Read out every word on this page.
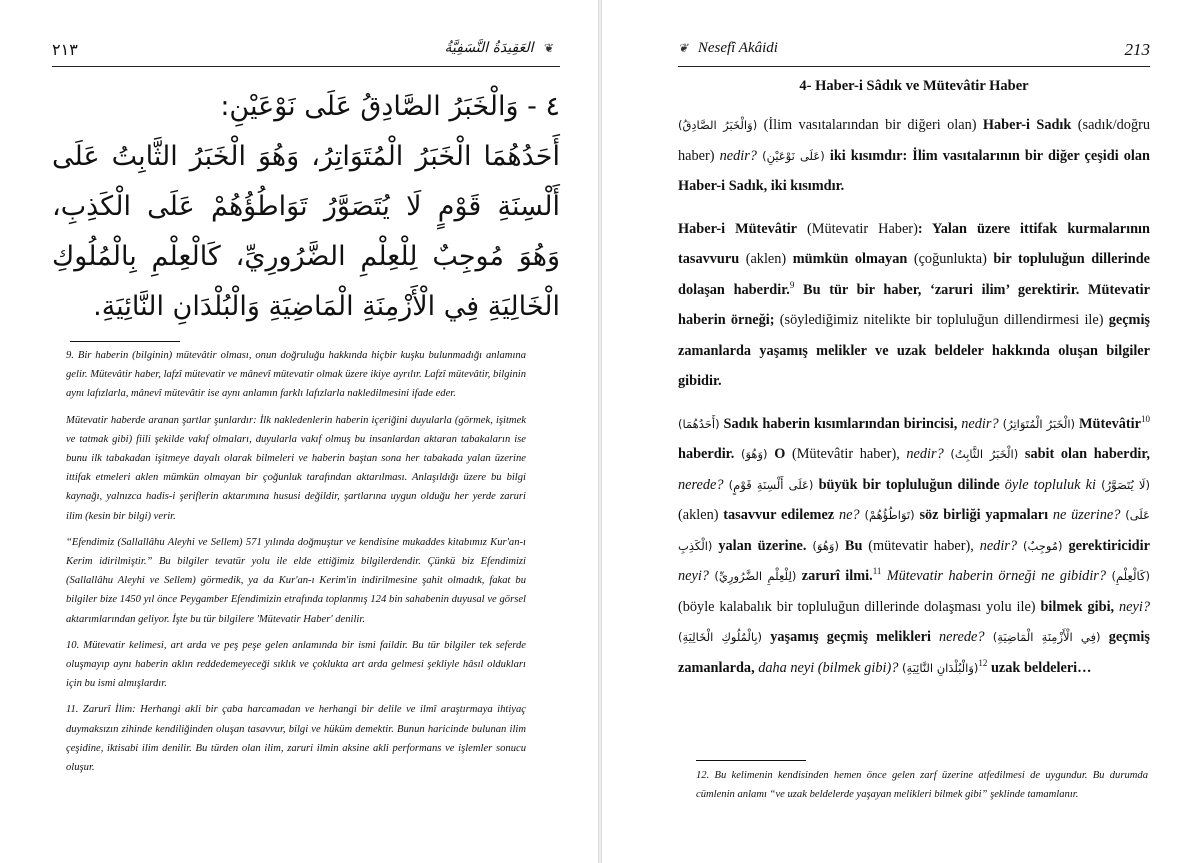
٢١٣	العَقِيدَةُ النَّسَفِيَّةُ ❦

٤ - وَالْخَبَرُ الصَّادِقُ عَلَى نَوْعَيْنِ:

أَحَدُهُمَا الْخَبَرُ الْمُتَوَاتِرُ، وَهُوَ الْخَبَرُ الثَّابِتُ عَلَى أَلْسِنَةِ قَوْمٍ لَا يُتَصَوَّرُ تَوَاطُؤُهُمْ عَلَى الْكَذِبِ، وَهُوَ مُوجِبٌ لِلْعِلْمِ الضَّرُورِيِّ، كَالْعِلْمِ بِالْمُلُوكِ الْخَالِيَةِ فِي الْأَزْمِنَةِ الْمَاضِيَةِ وَالْبُلْدَانِ النَّائِيَةِ.

9. Bir haberin (bilginin) mütevâtir olması, onun doğruluğu hakkında hiçbir kuşku bulunmadığı anlamına gelir. Mütevâtir haber, lafzî mütevatir ve mânevî mütevatir olmak üzere ikiye ayrılır. Lafzî mütevâtir, bilginin aynı lafızlarla, mânevî mütevâtir ise aynı anlamın farklı lafızlarla nakledilmesini ifade eder.

Mütevatir haberde aranan şartlar şunlardır: İlk nakledenlerin haberin içeriğini duyularla (görmek, işitmek ve tatmak gibi) fiili şekilde vakıf olmaları, duyularla vakıf olmuş bu insanlardan aktaran tabakaların ise bunu ilk tabakadan işitmeye dayalı olarak bilmeleri ve haberin baştan sona her tabakada yalan üzerine ittifak etmeleri aklen mümkün olmayan bir çoğunluk tarafından aktarılması. Anlaşıldığı üzere bu bilgi kaynağı, yalnızca hadis-i şeriflerin aktarımına hususi değildir, şartlarına uygun olduğu her yerde zaruri ilim (kesin bir bilgi) verir.

“Efendimiz (Sallallâhu Aleyhi ve Sellem) 571 yılında doğmuştur ve kendisine mukaddes kitabımız Kur'an-ı Kerim idirilmiştir.” Bu bilgiler tevatür yolu ile elde ettiğimiz bilgilerdendir. Çünkü biz Efendimizi (Sallallâhu Aleyhi ve Sellem) görmedik, ya da Kur'an-ı Kerim'in indirilmesine şahit olmadık, fakat bu bilgiler bize 1450 yıl önce Peygamber Efendimizin etrafında toplanmış 124 bin sahabenin duyusal ve görsel aktarımlarından geliyor. İşte bu tür bilgilere 'Mütevatir Haber' denilir.

10. Mütevatir kelimesi, art arda ve peş peşe gelen anlamında bir ismi faildir. Bu tür bilgiler tek seferde oluşmayıp aynı haberin aklın reddedemeyeceği sıklık ve çoklukta art arda gelmesi şekliyle hâsıl oldukları için bu ismi almışlardır.

11. Zarurî İlim: Herhangi akli bir çaba harcamadan ve herhangi bir delile ve ilmî araştırmaya ihtiyaç duymaksızın zihinde kendiliğinden oluşan tasavvur, bilgi ve hüküm demektir. Bunun haricinde bulunan ilim çeşidine, iktisabi ilim denilir. Bu türden olan ilim, zaruri ilmin aksine akli performans ve işlemler sonucu oluşur.

❦ Nesefî Akâidi	213
4- Haber-i Sâdık ve Mütevâtir Haber

(وَالْخَبَرُ الصَّادِقُ) (İlim vasıtalarından bir diğeri olan) Haber-i Sadık (sadık/doğru haber) nedir? (عَلَى نَوْعَيْنِ) iki kısımdır: İlim vasıtalarının bir diğer çeşidi olan Haber-i Sadık, iki kısımdır.

Haber-i Mütevâtir (Mütevatir Haber): Yalan üzere ittifak kurmalarının tasavvuru (aklen) mümkün olmayan (çoğunlukta) bir topluluğun dillerinde dolaşan haberdir.$^9$ Bu tür bir haber, ‘zaruri ilim’ gerektirir. Mütevatir haberin örneği; (söylediğimiz nitelikte bir topluluğun dillendirmesi ile) geçmiş zamanlarda yaşamış melikler ve uzak beldeler hakkında oluşan bilgiler gibidir.

(أَحَدُهُمَا) Sadık haberin kısımlarından birincisi, nedir? (الْخَبَرُ الْمُتَوَاتِرُ) Mütevâtir$^{10}$ haberdir. (وَهُوَ) O (Mütevâtir haber), nedir? (الْخَبَرُ الثَّابِتُ) sabit olan haberdir, nerede? (عَلَى أَلْسِنَةِ قَوْمٍ) büyük bir topluluğun dilinde öyle topluluk ki (لَا يُتَصَوَّرُ) (aklen) tasavvur edilemez ne? (تَوَاطُؤُهُمْ) söz birliği yapmaları ne üzerine? (عَلَى الْكَذِبِ) yalan üzerine. (وَهُوَ) Bu (mütevatir haber), nedir? (مُوجِبٌ) gerektiricidir neyi? (لِلْعِلْمِ الضَّرُورِيِّ) zarurî ilmi.$^{11}$ Mütevatir haberin örneği ne gibidir? (كَالْعِلْمِ) (böyle kalabalık bir topluluğun dillerinde dolaşması yolu ile) bilmek gibi, neyi? (بِالْمُلُوكِ الْخَالِيَةِ) yaşamış geçmiş melikleri nerede? (فِي الْأَزْمِنَةِ الْمَاضِيَةِ) geçmiş zamanlarda, daha neyi (bilmek gibi)? (وَالْبُلْدَانِ النَّائِيَةِ)$^{12}$ uzak beldeleri…

12. Bu kelimenin kendisinden hemen önce gelen zarf üzerine atfedilmesi de uygundur. Bu durumda cümlenin anlamı “ve uzak beldelerde yaşayan melikleri bilmek gibi” şeklinde tamamlanır.
